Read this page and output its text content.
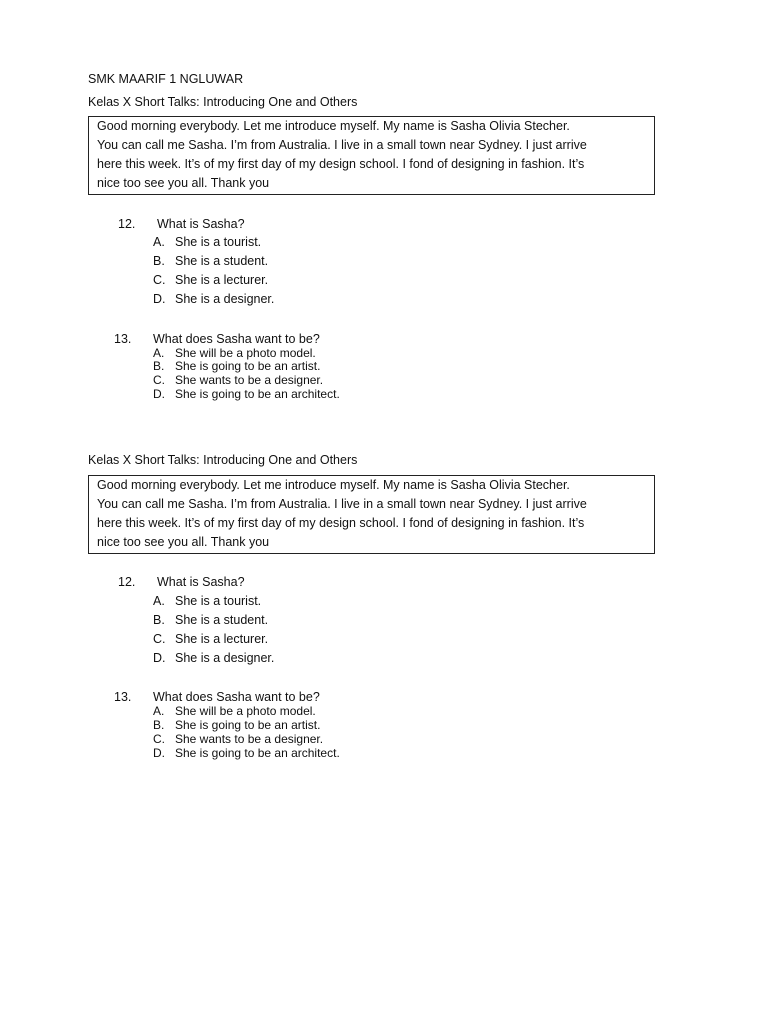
SMK MAARIF 1 NGLUWAR
Kelas X Short Talks: Introducing One and Others
Good morning everybody. Let me introduce myself. My name is Sasha Olivia Stecher.
You can call me Sasha. I’m from Australia. I live in a small town near Sydney. I just arrive
here this week. It’s of my first day of my design school. I fond of designing in fashion. It’s
nice too see you all. Thank you
12. What is Sasha?
A. She is a tourist.
B. She is a student.
C. She is a lecturer.
D. She is a designer.
13. What does Sasha want to be?
A. She will be a photo model.
B. She is going to be an artist.
C. She wants to be a designer.
D. She is going to be an architect.
Kelas X Short Talks: Introducing One and Others
Good morning everybody. Let me introduce myself. My name is Sasha Olivia Stecher.
You can call me Sasha. I’m from Australia. I live in a small town near Sydney. I just arrive
here this week. It’s of my first day of my design school. I fond of designing in fashion. It’s
nice too see you all. Thank you
12. What is Sasha?
A. She is a tourist.
B. She is a student.
C. She is a lecturer.
D. She is a designer.
13. What does Sasha want to be?
A. She will be a photo model.
B. She is going to be an artist.
C. She wants to be a designer.
D. She is going to be an architect.
